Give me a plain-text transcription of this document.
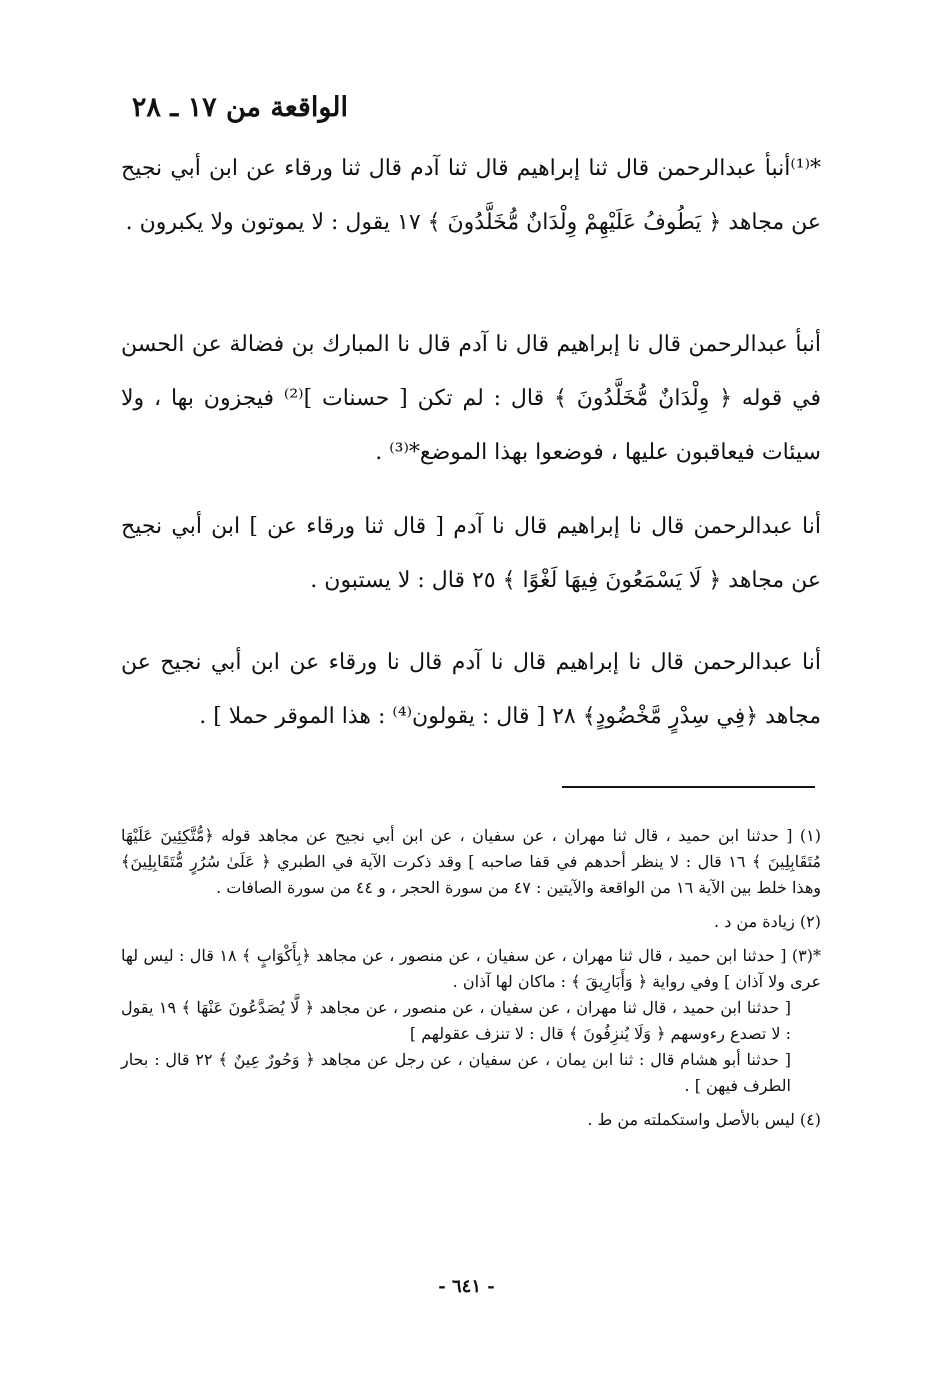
الواقعة من ١٧ ـ ٢٨
*⁽¹⁾أنبأ عبدالرحمن قال ثنا إبراهيم قال ثنا آدم قال ثنا ورقاء عن ابن أبي نجيح عن مجاهد ﴿ يَطُوفُ عَلَيْهِمْ وِلْدَانٌ مُّخَلَّدُونَ ﴾ ١٧ يقول : لا يموتون ولا يكبرون .
أنبأ عبدالرحمن قال نا إبراهيم قال نا آدم قال نا المبارك بن فضالة عن الحسن في قوله ﴿ وِلْدَانٌ مُّخَلَّدُونَ ﴾ قال : لم تكن [ حسنات ]⁽²⁾ فيجزون بها ، ولا سيئات فيعاقبون عليها ، فوضعوا بهذا الموضع*⁽³⁾ .
أنا عبدالرحمن قال نا إبراهيم قال نا آدم [ قال ثنا ورقاء عن ] ابن أبي نجيح عن مجاهد ﴿ لَا يَسْمَعُونَ فِيهَا لَغْوًا ﴾ ٢٥ قال : لا يستبون .
أنا عبدالرحمن قال نا إبراهيم قال نا آدم قال نا ورقاء عن ابن أبي نجيح عن مجاهد ﴿فِي سِدْرٍ مَّخْضُودٍ﴾ ٢٨ [ قال : يقولون⁽⁴⁾ : هذا الموقر حملا ] .

(١) [ حدثنا ابن حميد ، قال ثنا مهران ، عن سفيان ، عن ابن أبي نجيح عن مجاهد قوله ﴿مُّتَّكِئِينَ عَلَيْهَا مُتَقَابِلِينَ ﴾ ١٦ قال : لا ينظر أحدهم في قفا صاحبه ] وقد ذكرت الآية في الطبري ﴿ عَلَىٰ سُرُرٍ مُّتَقَابِلِينَ﴾ وهذا خلط بين الآية ١٦ من الواقعة والآيتين : ٤٧ من سورة الحجر ، و ٤٤ من سورة الصافات .

(٢) زيادة من د .

*(٣) [ حدثنا ابن حميد ، قال ثنا مهران ، عن سفيان ، عن منصور ، عن مجاهد ﴿بِأَكْوَابٍ ﴾ ١٨ قال : ليس لها عرى ولا آذان ] وفي رواية ﴿ وَأَبَارِيقَ ﴾ : ماكان لها آذان .

[ حدثنا ابن حميد ، قال ثنا مهران ، عن سفيان ، عن منصور ، عن مجاهد ﴿ لَّا يُصَدَّعُونَ عَنْهَا ﴾ ١٩ يقول : لا تصدع رءوسهم ﴿ وَلَا يُنزِفُونَ ﴾ قال : لا تنزف عقولهم ]

[ حدثنا أبو هشام قال : ثنا ابن يمان ، عن سفيان ، عن رجل عن مجاهد ﴿ وَحُورٌ عِينٌ ﴾ ٢٢ قال : بحار الطرف فيهن ] .

(٤) ليس بالأصل واستكملته من ط .

- ٦٤١ -
